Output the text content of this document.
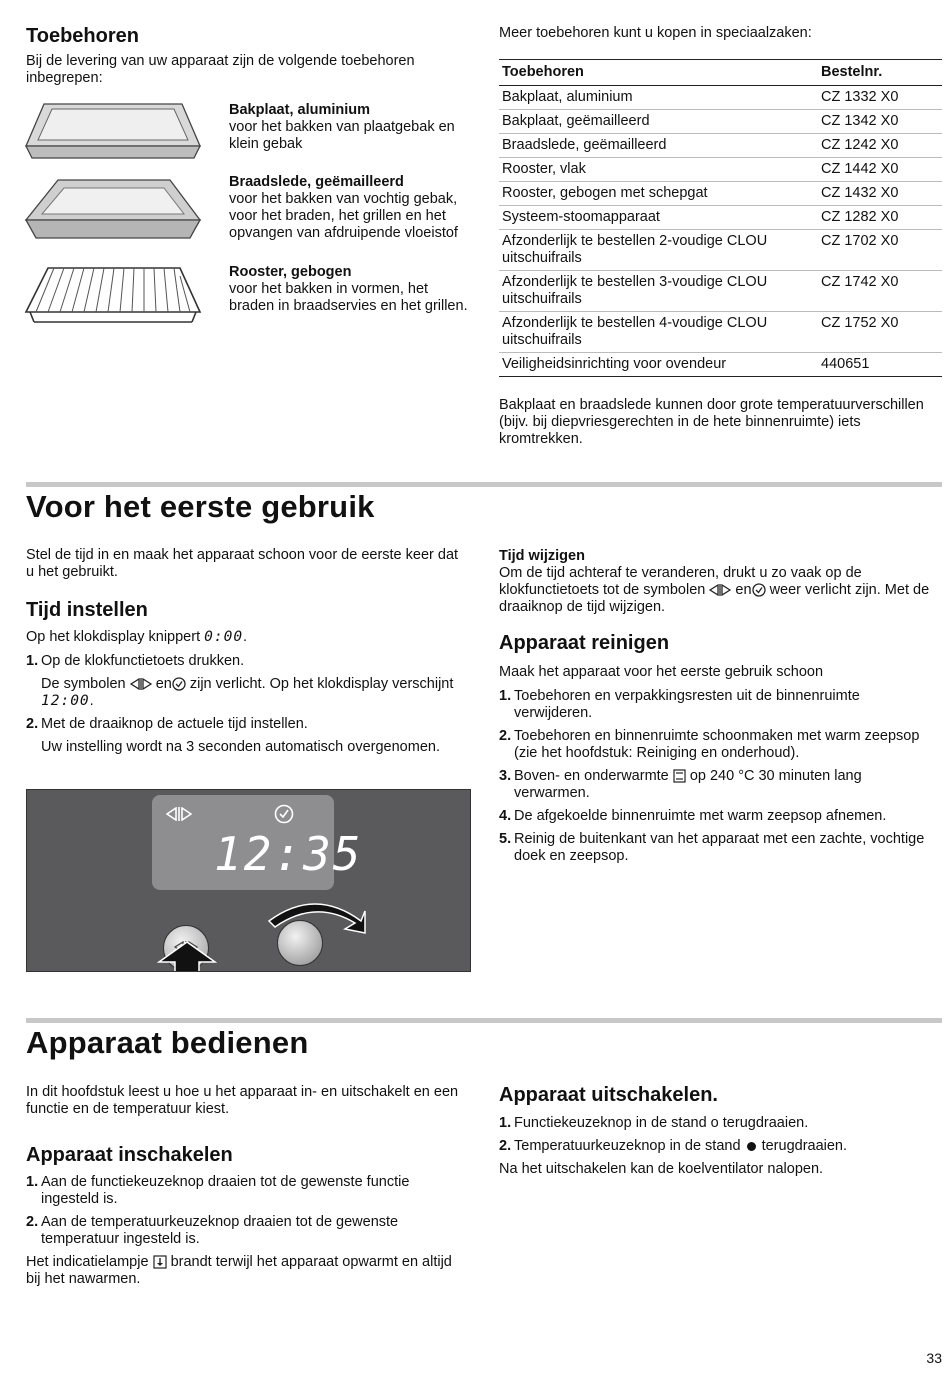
Toebehoren

Bij de levering van uw apparaat zijn de volgende toebehoren inbegrepen:

Bakplaat, aluminium

voor het bakken van plaatgebak en klein gebak

Braadslede, geëmailleerd

voor het bakken van vochtig gebak, voor het braden, het grillen en het opvangen van afdruipende vloeistof

Rooster, gebogen

voor het bakken in vormen, het braden in braadservies en het grillen.

Meer toebehoren kunt u kopen in speciaalzaken:

Toebehoren	Bestelnr.
Bakplaat, aluminium	CZ 1332 X0
Bakplaat, geëmailleerd	CZ 1342 X0
Braadslede, geëmailleerd	CZ 1242 X0
Rooster, vlak	CZ 1442 X0
Rooster, gebogen met schepgat	CZ 1432 X0
Systeem-stoomapparaat	CZ 1282 X0
Afzonderlijk te bestellen 2-voudige CLOU uitschuifrails	CZ 1702 X0
Afzonderlijk te bestellen 3-voudige CLOU uitschuifrails	CZ 1742 X0
Afzonderlijk te bestellen 4-voudige CLOU uitschuifrails	CZ 1752 X0
Veiligheidsinrichting voor ovendeur	440651

Bakplaat en braadslede kunnen door grote temperatuurverschillen (bijv. bij diepvriesgerechten in de hete binnenruimte) iets kromtrekken.

Voor het eerste gebruik

Stel de tijd in en maak het apparaat schoon voor de eerste keer dat u het gebruikt.

Tijd instellen

Op het klokdisplay knippert 0:00.

1. Op de klokfunctietoets drukken.

De symbolen en zijn verlicht. Op het klokdisplay verschijnt 12:00.

2. Met de draaiknop de actuele tijd instellen.

Uw instelling wordt na 3 seconden automatisch overgenomen.

12:35

Tijd wijzigen

Om de tijd achteraf te veranderen, drukt u zo vaak op de klokfunctietoets tot de symbolen en weer verlicht zijn. Met de draaiknop de tijd wijzigen.

Apparaat reinigen

Maak het apparaat voor het eerste gebruik schoon

1. Toebehoren en verpakkingsresten uit de binnenruimte verwijderen.
2. Toebehoren en binnenruimte schoonmaken met warm zeepsop (zie het hoofdstuk: Reiniging en onderhoud).
3. Boven- en onderwarmte op 240 °C 30 minuten lang verwarmen.
4. De afgekoelde binnenruimte met warm zeepsop afnemen.
5. Reinig de buitenkant van het apparaat met een zachte, vochtige doek en zeepsop.
Apparaat bedienen

In dit hoofdstuk leest u hoe u het apparaat in- en uitschakelt en een functie en de temperatuur kiest.

Apparaat inschakelen
1. Aan de functiekeuzeknop draaien tot de gewenste functie ingesteld is.
2. Aan de temperatuurkeuzeknop draaien tot de gewenste temperatuur ingesteld is.

Het indicatielampje brandt terwijl het apparaat opwarmt en altijd bij het nawarmen.

Apparaat uitschakelen.
1. Functiekeuzeknop in de stand o terugdraaien.
2. Temperatuurkeuzeknop in de stand terugdraaien.

Na het uitschakelen kan de koelventilator nalopen.

33
